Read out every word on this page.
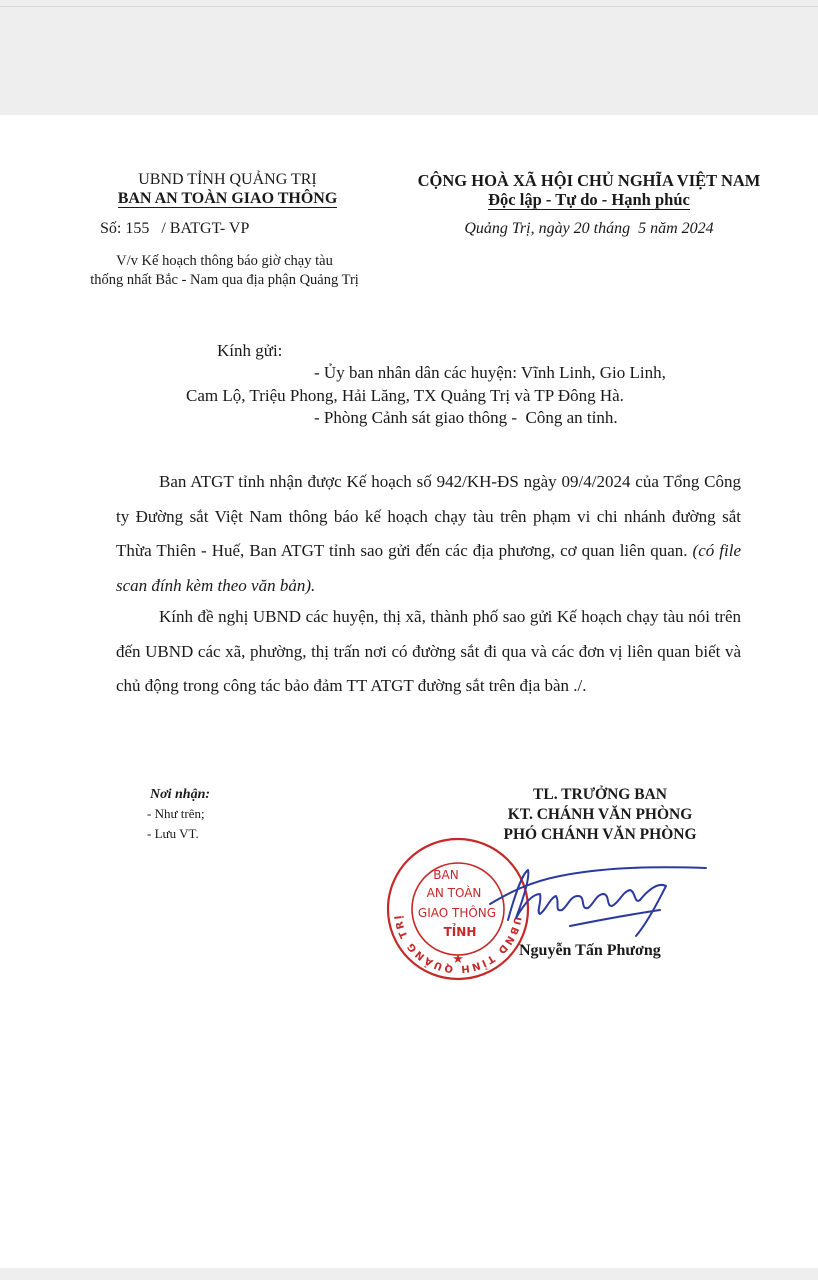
UBND TỈNH QUẢNG TRỊ
BAN AN TOÀN GIAO THÔNG
Số: 155   / BATGT- VP
V/v Kế hoạch thông báo giờ chạy tàu
thống nhất Bắc - Nam qua địa phận Quảng Trị
CỘNG HOÀ XÃ HỘI CHỦ NGHĨA VIỆT NAM
Độc lập - Tự do - Hạnh phúc
Quảng Trị, ngày 20 tháng  5 năm 2024
Kính gửi:
- Ủy ban nhân dân các huyện: Vĩnh Linh, Gio Linh,
Cam Lộ, Triệu Phong, Hải Lăng, TX Quảng Trị và TP Đông Hà.
- Phòng Cảnh sát giao thông -  Công an tỉnh.
Ban ATGT tỉnh nhận được Kế hoạch số 942/KH-ĐS ngày 09/4/2024 của Tổng Công ty Đường sắt Việt Nam thông báo kế hoạch chạy tàu trên phạm vi chi nhánh đường sắt Thừa Thiên - Huế, Ban ATGT tỉnh sao gửi đến các địa phương, cơ quan liên quan. (có file scan đính kèm theo văn bản).
Kính đề nghị UBND các huyện, thị xã, thành phố sao gửi Kế hoạch chạy tàu nói trên đến UBND các xã, phường, thị trấn nơi có đường sắt đi qua và các đơn vị liên quan biết và chủ động trong công tác bảo đảm TT ATGT đường sắt trên địa bàn ./.
Nơi nhận:
- Như trên;
- Lưu VT.
TL. TRƯỞNG BAN
KT. CHÁNH VĂN PHÒNG
PHÓ CHÁNH VĂN PHÒNG
UBND TỈNH QUẢNG TRỊ
BAN
AN TOÀN
GIAO THÔNG
TỈNH
★	Nguyễn Tấn Phương
